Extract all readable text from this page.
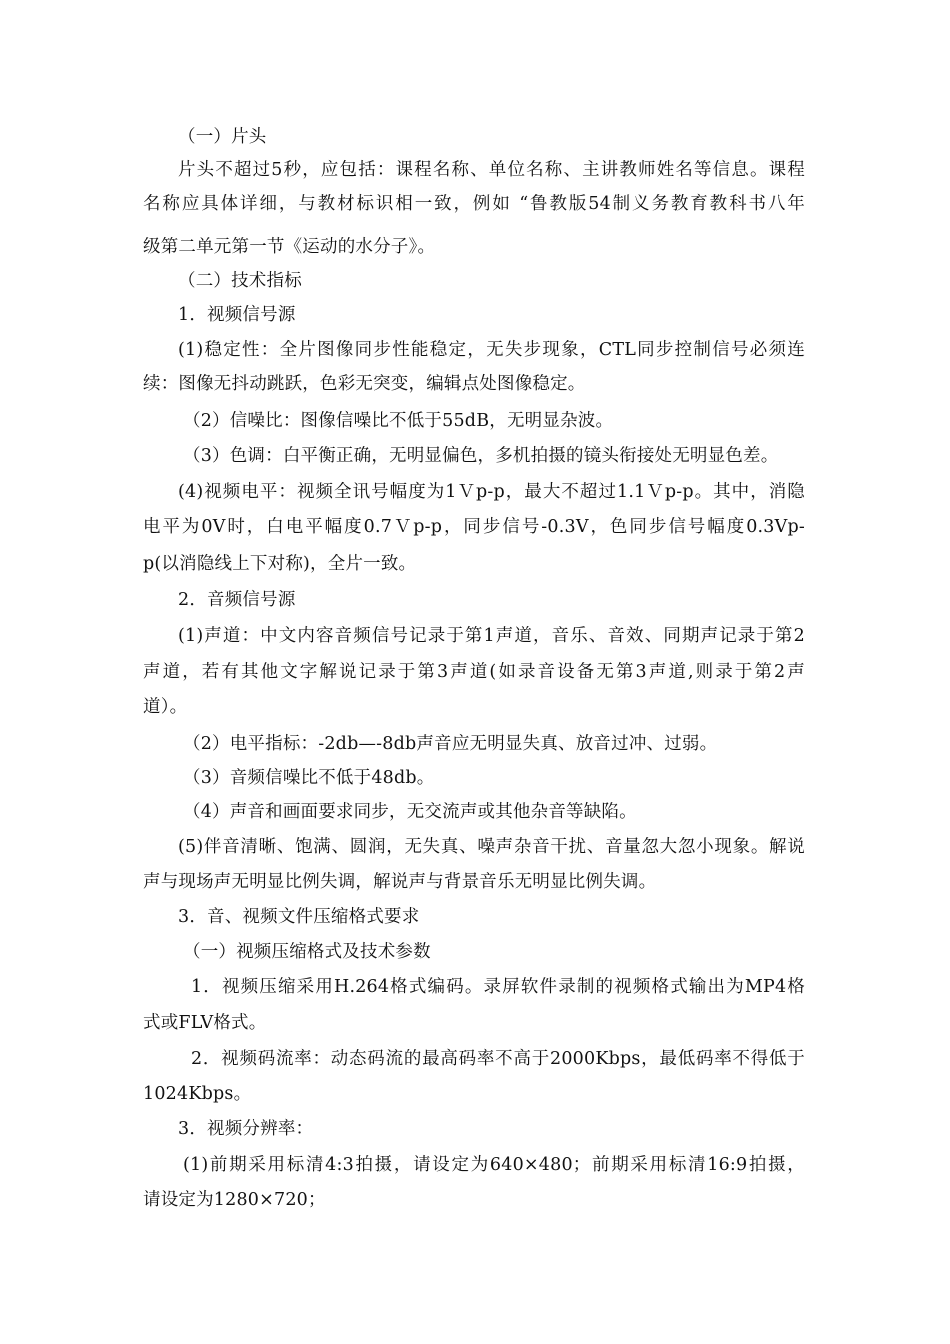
（一）片头
片头不超过5秒，应包括：课程名称、单位名称、主讲教师姓名等信息。课程
名称应具体详细，与教材标识相一致，例如 “鲁教版54制义务教育教科书八年
级第二单元第一节《运动的水分子》。
（二）技术指标
1．视频信号源
(1)稳定性：全片图像同步性能稳定，无失步现象，CTL同步控制信号必须连
续：图像无抖动跳跃，色彩无突变，编辑点处图像稳定。
（2）信噪比：图像信噪比不低于55dB，无明显杂波。
（3）色调：白平衡正确，无明显偏色，多机拍摄的镜头衔接处无明显色差。
(4)视频电平：视频全讯号幅度为1Ｖp-p，最大不超过1.1Ｖp-p。其中，消隐
电平为0V时，白电平幅度0.7Ｖp-p，同步信号-0.3V，色同步信号幅度0.3Vp-
p(以消隐线上下对称)，全片一致。
2．音频信号源
(1)声道：中文内容音频信号记录于第1声道，音乐、音效、同期声记录于第2
声道，若有其他文字解说记录于第3声道(如录音设备无第3声道,则录于第2声
道）。
（2）电平指标：-2db—-8db声音应无明显失真、放音过冲、过弱。
（3）音频信噪比不低于48db。
（4）声音和画面要求同步，无交流声或其他杂音等缺陷。
(5)伴音清晰、饱满、圆润，无失真、噪声杂音干扰、音量忽大忽小现象。解说
声与现场声无明显比例失调，解说声与背景音乐无明显比例失调。
3．音、视频文件压缩格式要求
（一）视频压缩格式及技术参数
1．视频压缩采用H.264格式编码。录屏软件录制的视频格式输出为MP4格
式或FLV格式。
2．视频码流率：动态码流的最高码率不高于2000Kbps，最低码率不得低于
1024Kbps。
3．视频分辨率：
(1)前期采用标清4:3拍摄，请设定为640×480；前期采用标清16:9拍摄，
请设定为1280×720；
